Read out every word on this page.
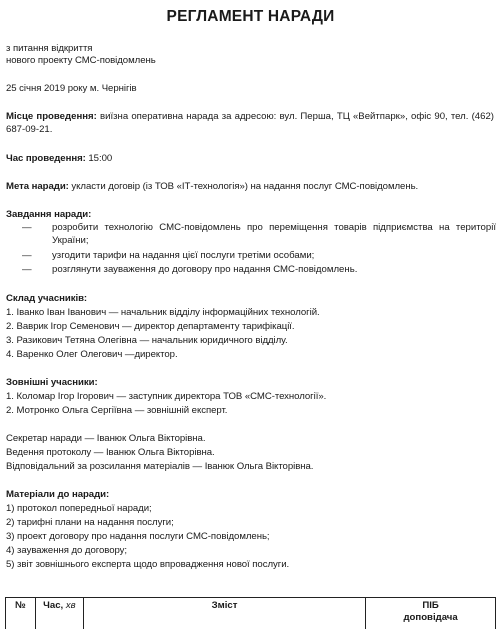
РЕГЛАМЕНТ НАРАДИ
з питання відкриття
нового проекту СМС-повідомлень
25 січня 2019 року м. Чернігів
Місце проведення: виїзна оперативна нарада за адресою: вул. Перша, ТЦ «Вейтпарк», офіс 90, тел. (462) 687-09-21.
Час проведення: 15:00
Мета наради: укласти договір (із ТОВ «ІТ-технологія») на надання послуг СМС-повідомлень.
Завдання наради:
— розробити технологію СМС-повідомлень про переміщення товарів підприємства на території України;
— узгодити тарифи на надання цієї послуги третіми особами;
— розглянути зауваження до договору про надання СМС-повідомлень.
Склад учасників:
1. Іванко Іван Іванович — начальник відділу інформаційних технологій.
2. Ваврик Ігор Семенович — директор департаменту тарифікації.
3. Разикович Тетяна Олегівна — начальник юридичного відділу.
4. Варенко Олег Олегович —директор.
Зовнішні учасники:
1. Коломар Ігор Ігорович — заступник директора ТОВ «СМС-технології».
2. Мотронко Ольга Сергіївна — зовнішній експерт.
Секретар наради — Іванюк Ольга Вікторівна.
Ведення протоколу — Іванюк Ольга Вікторівна.
Відповідальний за розсилання матеріалів — Іванюк Ольга Вікторівна.
Матеріали до наради:
1) протокол попередньої наради;
2) тарифні плани на надання послуги;
3) проект договору про надання послуги СМС-повідомлень;
4) зауваження до договору;
5) звіт зовнішнього експерта щодо впровадження нової послуги.
№	Час, хв	Зміст	ПІБ
доповідача
